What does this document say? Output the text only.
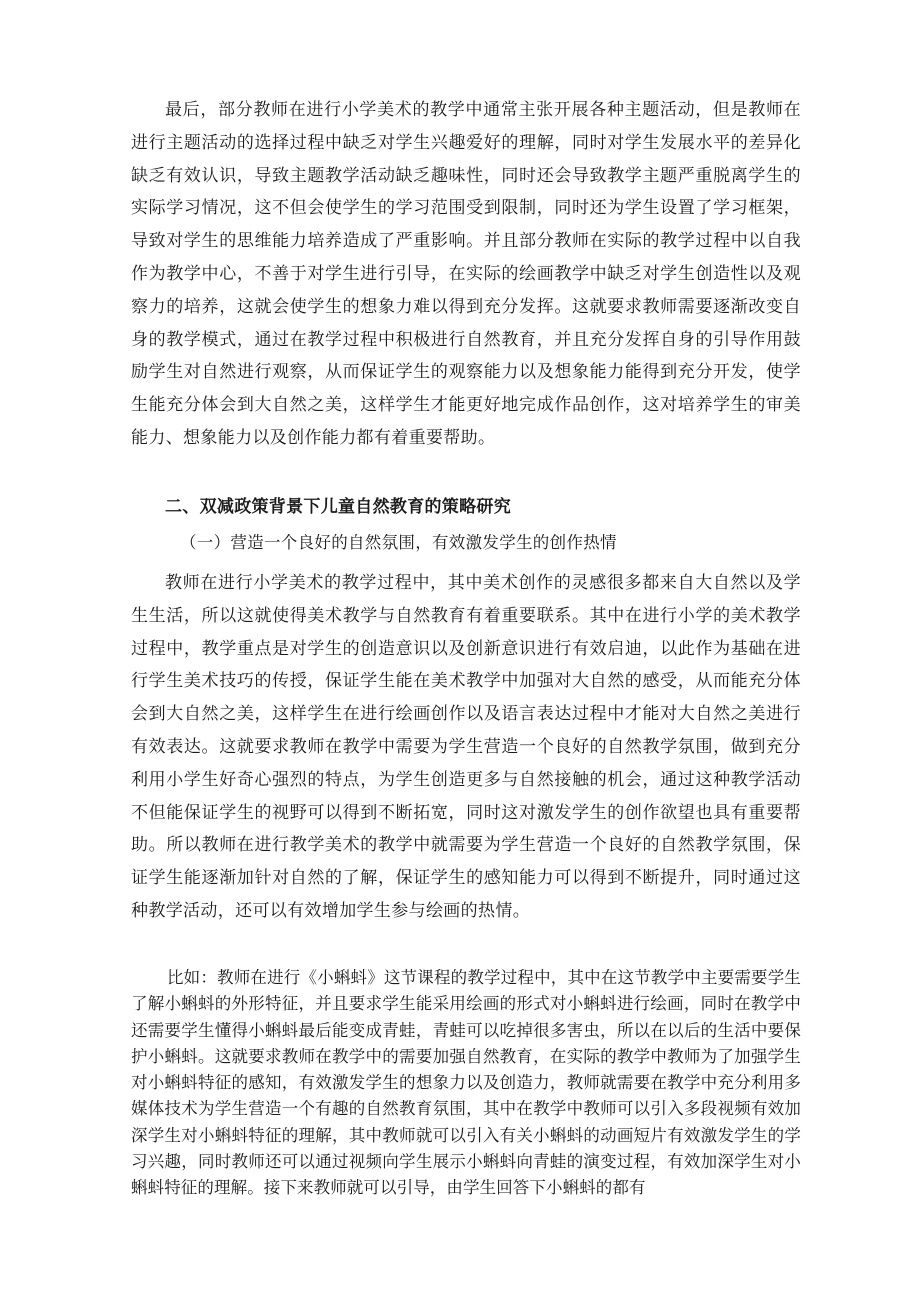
最后，部分教师在进行小学美术的教学中通常主张开展各种主题活动，但是教师在进行主题活动的选择过程中缺乏对学生兴趣爱好的理解，同时对学生发展水平的差异化缺乏有效认识，导致主题教学活动缺乏趣味性，同时还会导致教学主题严重脱离学生的实际学习情况，这不但会使学生的学习范围受到限制，同时还为学生设置了学习框架，导致对学生的思维能力培养造成了严重影响。并且部分教师在实际的教学过程中以自我作为教学中心，不善于对学生进行引导，在实际的绘画教学中缺乏对学生创造性以及观察力的培养，这就会使学生的想象力难以得到充分发挥。这就要求教师需要逐渐改变自身的教学模式，通过在教学过程中积极进行自然教育，并且充分发挥自身的引导作用鼓励学生对自然进行观察，从而保证学生的观察能力以及想象能力能得到充分开发，使学生能充分体会到大自然之美，这样学生才能更好地完成作品创作，这对培养学生的审美能力、想象能力以及创作能力都有着重要帮助。

二、双减政策背景下儿童自然教育的策略研究

（一）营造一个良好的自然氛围，有效激发学生的创作热情

教师在进行小学美术的教学过程中，其中美术创作的灵感很多都来自大自然以及学生生活，所以这就使得美术教学与自然教育有着重要联系。其中在进行小学的美术教学过程中，教学重点是对学生的创造意识以及创新意识进行有效启迪，以此作为基础在进行学生美术技巧的传授，保证学生能在美术教学中加强对大自然的感受，从而能充分体会到大自然之美，这样学生在进行绘画创作以及语言表达过程中才能对大自然之美进行有效表达。这就要求教师在教学中需要为学生营造一个良好的自然教学氛围，做到充分利用小学生好奇心强烈的特点，为学生创造更多与自然接触的机会，通过这种教学活动不但能保证学生的视野可以得到不断拓宽，同时这对激发学生的创作欲望也具有重要帮助。所以教师在进行教学美术的教学中就需要为学生营造一个良好的自然教学氛围，保证学生能逐渐加针对自然的了解，保证学生的感知能力可以得到不断提升，同时通过这种教学活动，还可以有效增加学生参与绘画的热情。

比如：教师在进行《小蝌蚪》这节课程的教学过程中，其中在这节教学中主要需要学生了解小蝌蚪的外形特征，并且要求学生能采用绘画的形式对小蝌蚪进行绘画，同时在教学中还需要学生懂得小蝌蚪最后能变成青蛙，青蛙可以吃掉很多害虫，所以在以后的生活中要保护小蝌蚪。这就要求教师在教学中的需要加强自然教育，在实际的教学中教师为了加强学生对小蝌蚪特征的感知，有效激发学生的想象力以及创造力，教师就需要在教学中充分利用多媒体技术为学生营造一个有趣的自然教育氛围，其中在教学中教师可以引入多段视频有效加深学生对小蝌蚪特征的理解，其中教师就可以引入有关小蝌蚪的动画短片有效激发学生的学习兴趣，同时教师还可以通过视频向学生展示小蝌蚪向青蛙的演变过程，有效加深学生对小蝌蚪特征的理解。接下来教师就可以引导，由学生回答下小蝌蚪的都有
